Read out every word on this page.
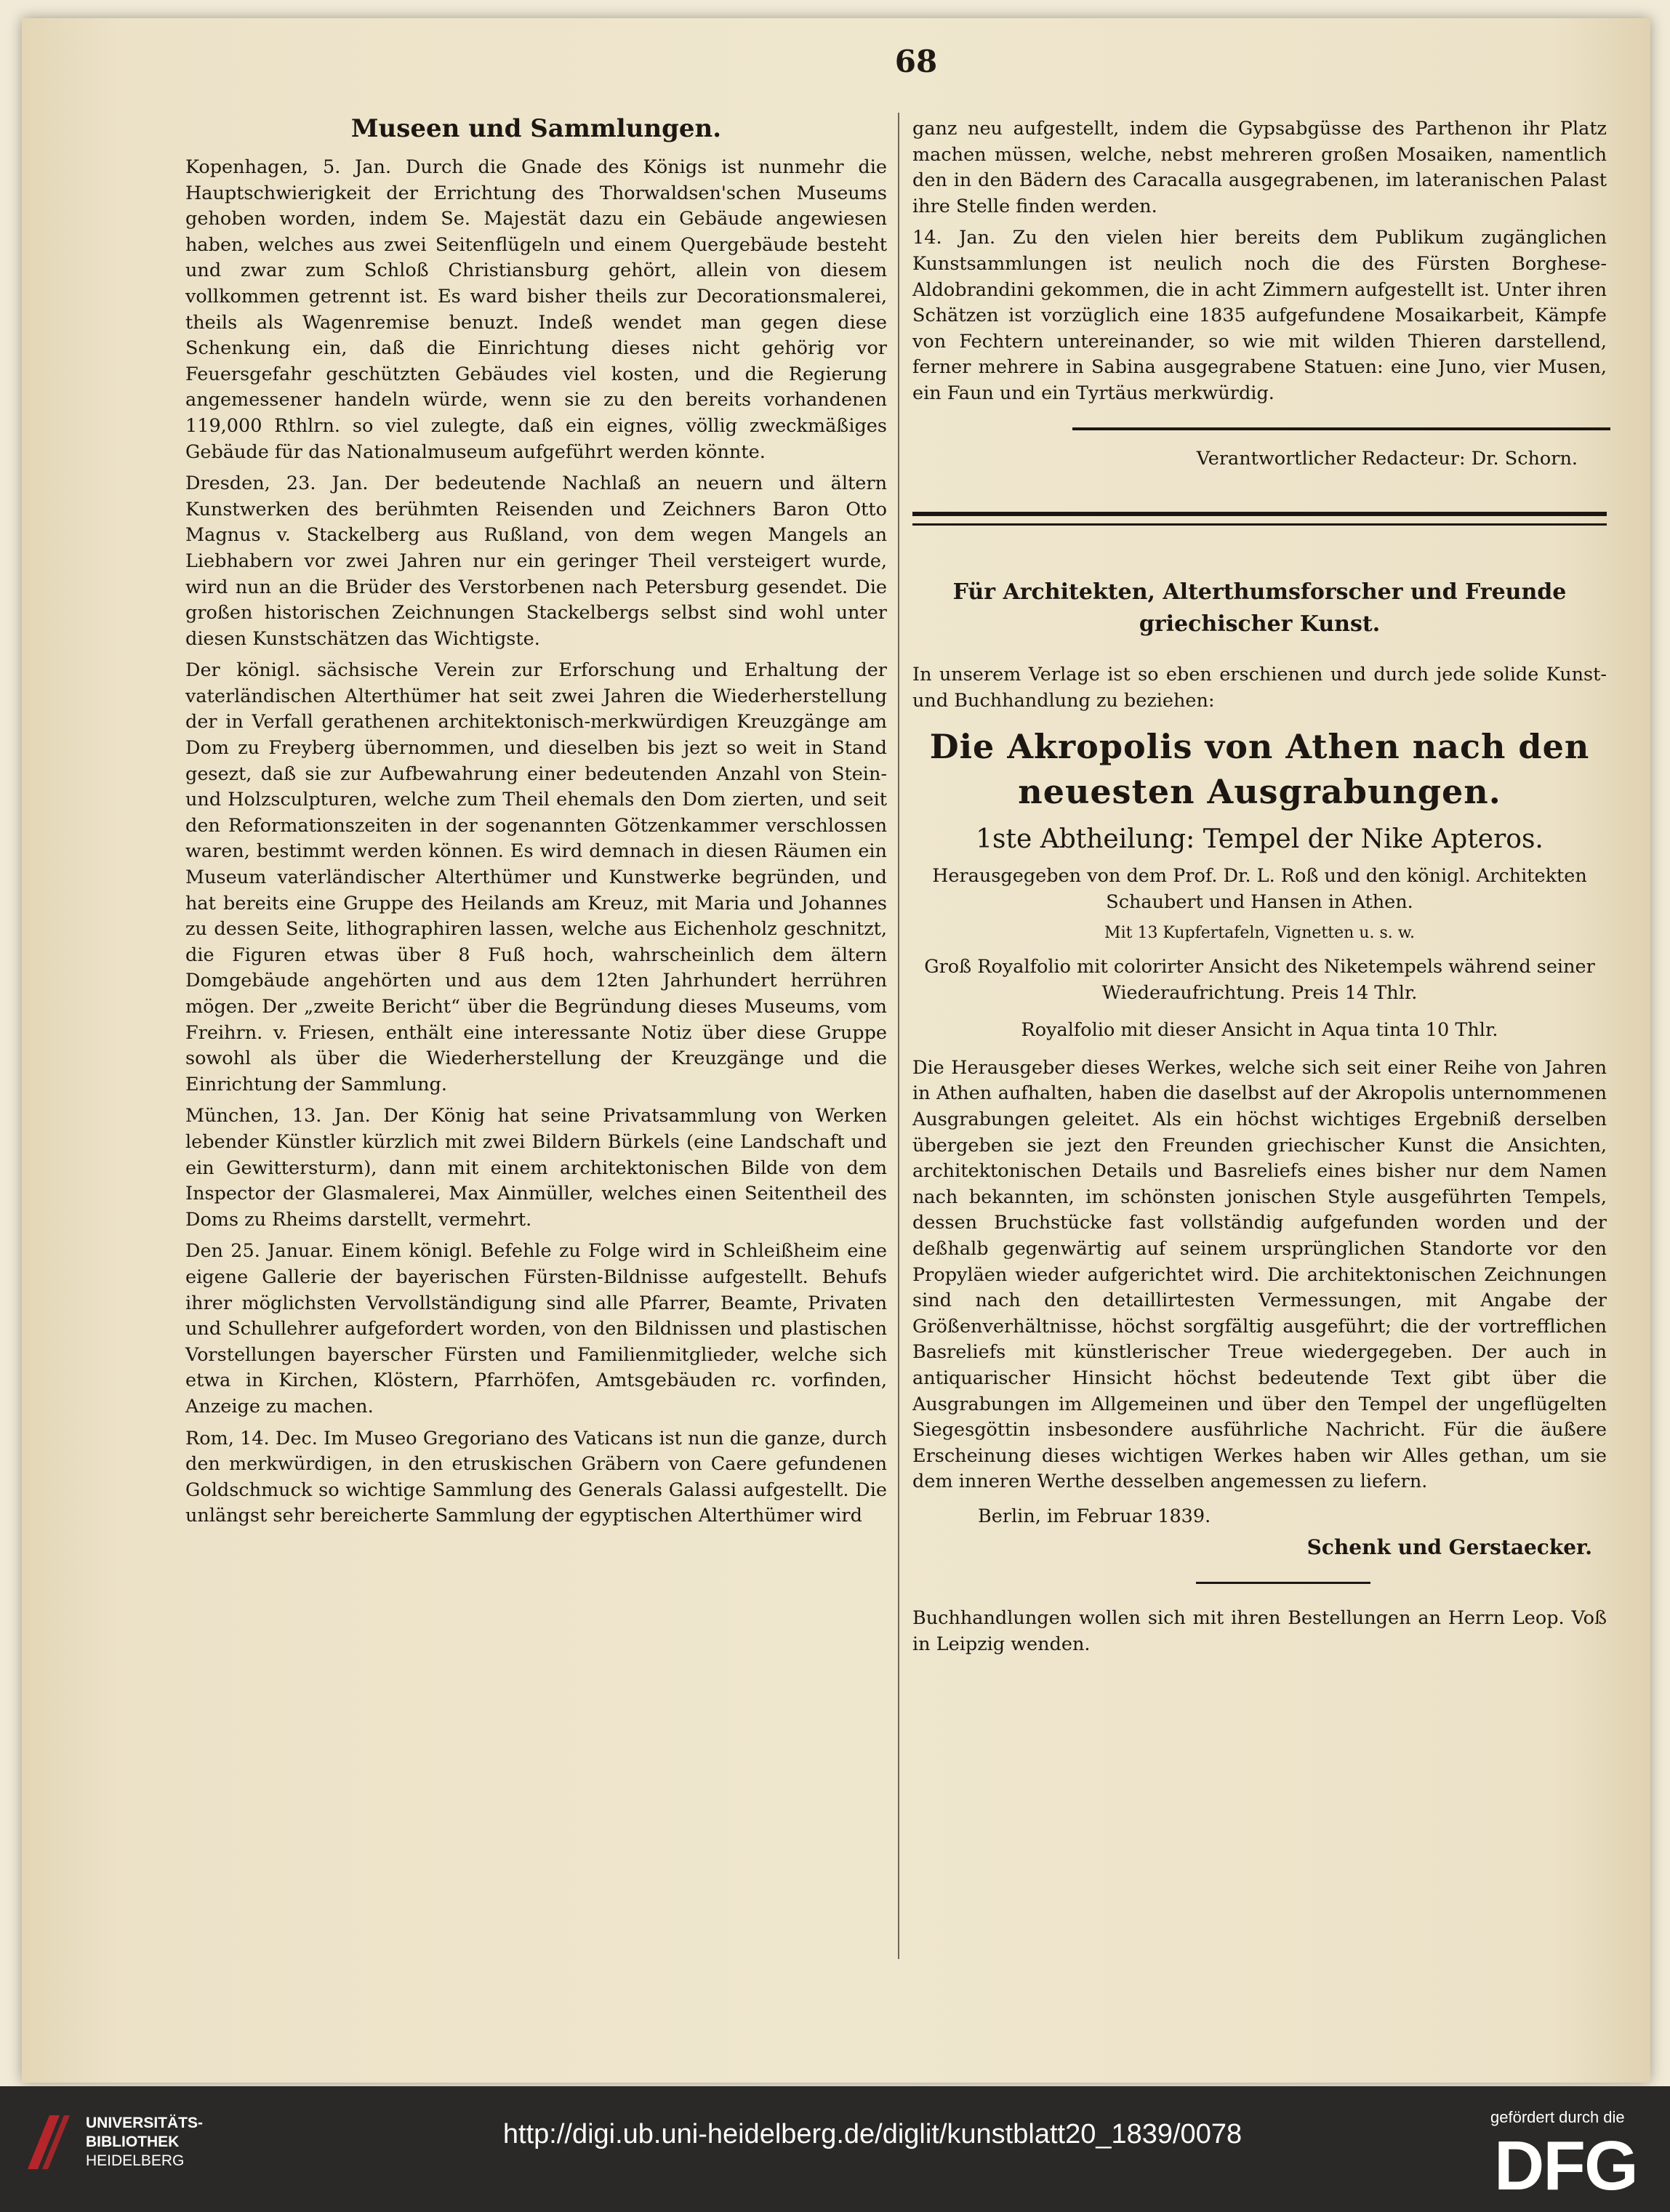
68
Museen und Sammlungen.

Kopenhagen, 5. Jan. Durch die Gnade des Königs ist nunmehr die Hauptschwierigkeit der Errichtung des Thorwaldsen'schen Museums gehoben worden, indem Se. Majestät dazu ein Gebäude angewiesen haben, welches aus zwei Seitenflügeln und einem Quergebäude besteht und zwar zum Schloß Christiansburg gehört, allein von diesem vollkommen getrennt ist. Es ward bisher theils zur Decorationsmalerei, theils als Wagenremise benuzt. Indeß wendet man gegen diese Schenkung ein, daß die Einrichtung dieses nicht gehörig vor Feuersgefahr geschützten Gebäudes viel kosten, und die Regierung angemessener handeln würde, wenn sie zu den bereits vorhandenen 119,000 Rthlrn. so viel zulegte, daß ein eignes, völlig zweckmäßiges Gebäude für das Nationalmuseum aufgeführt werden könnte.

Dresden, 23. Jan. Der bedeutende Nachlaß an neuern und ältern Kunstwerken des berühmten Reisenden und Zeichners Baron Otto Magnus v. Stackelberg aus Rußland, von dem wegen Mangels an Liebhabern vor zwei Jahren nur ein geringer Theil versteigert wurde, wird nun an die Brüder des Verstorbenen nach Petersburg gesendet. Die großen historischen Zeichnungen Stackelbergs selbst sind wohl unter diesen Kunstschätzen das Wichtigste.

Der königl. sächsische Verein zur Erforschung und Erhaltung der vaterländischen Alterthümer hat seit zwei Jahren die Wiederherstellung der in Verfall gerathenen architektonisch-merkwürdigen Kreuzgänge am Dom zu Freyberg übernommen, und dieselben bis jezt so weit in Stand gesezt, daß sie zur Aufbewahrung einer bedeutenden Anzahl von Stein- und Holzsculpturen, welche zum Theil ehemals den Dom zierten, und seit den Reformationszeiten in der sogenannten Götzenkammer verschlossen waren, bestimmt werden können. Es wird demnach in diesen Räumen ein Museum vaterländischer Alterthümer und Kunstwerke begründen, und hat bereits eine Gruppe des Heilands am Kreuz, mit Maria und Johannes zu dessen Seite, lithographiren lassen, welche aus Eichenholz geschnitzt, die Figuren etwas über 8 Fuß hoch, wahrscheinlich dem ältern Domgebäude angehörten und aus dem 12ten Jahrhundert herrühren mögen. Der „zweite Bericht“ über die Begründung dieses Museums, vom Freihrn. v. Friesen, enthält eine interessante Notiz über diese Gruppe sowohl als über die Wiederherstellung der Kreuzgänge und die Einrichtung der Sammlung.

München, 13. Jan. Der König hat seine Privatsammlung von Werken lebender Künstler kürzlich mit zwei Bildern Bürkels (eine Landschaft und ein Gewittersturm), dann mit einem architektonischen Bilde von dem Inspector der Glasmalerei, Max Ainmüller, welches einen Seitentheil des Doms zu Rheims darstellt, vermehrt.

Den 25. Januar. Einem königl. Befehle zu Folge wird in Schleißheim eine eigene Gallerie der bayerischen Fürsten-Bildnisse aufgestellt. Behufs ihrer möglichsten Vervollständigung sind alle Pfarrer, Beamte, Privaten und Schullehrer aufgefordert worden, von den Bildnissen und plastischen Vorstellungen bayerscher Fürsten und Familienmitglieder, welche sich etwa in Kirchen, Klöstern, Pfarrhöfen, Amtsgebäuden rc. vorfinden, Anzeige zu machen.

Rom, 14. Dec. Im Museo Gregoriano des Vaticans ist nun die ganze, durch den merkwürdigen, in den etruskischen Gräbern von Caere gefundenen Goldschmuck so wichtige Sammlung des Generals Galassi aufgestellt. Die unlängst sehr bereicherte Sammlung der egyptischen Alterthümer wird

ganz neu aufgestellt, indem die Gypsabgüsse des Parthenon ihr Platz machen müssen, welche, nebst mehreren großen Mosaiken, namentlich den in den Bädern des Caracalla ausgegrabenen, im lateranischen Palast ihre Stelle finden werden.

14. Jan. Zu den vielen hier bereits dem Publikum zugänglichen Kunstsammlungen ist neulich noch die des Fürsten Borghese-Aldobrandini gekommen, die in acht Zimmern aufgestellt ist. Unter ihren Schätzen ist vorzüglich eine 1835 aufgefundene Mosaikarbeit, Kämpfe von Fechtern untereinander, so wie mit wilden Thieren darstellend, ferner mehrere in Sabina ausgegrabene Statuen: eine Juno, vier Musen, ein Faun und ein Tyrtäus merkwürdig.

Verantwortlicher Redacteur: Dr. Schorn.
Für Architekten, Alterthumsforscher und Freunde griechischer Kunst.

In unserem Verlage ist so eben erschienen und durch jede solide Kunst- und Buchhandlung zu beziehen:

Die Akropolis von Athen nach den neuesten Ausgrabungen.
1ste Abtheilung: Tempel der Nike Apteros.
Herausgegeben von dem Prof. Dr. L. Roß und den königl. Architekten Schaubert und Hansen in Athen.
Mit 13 Kupfertafeln, Vignetten u. s. w.
Groß Royalfolio mit colorirter Ansicht des Niketempels während seiner Wiederaufrichtung. Preis 14 Thlr.
Royalfolio mit dieser Ansicht in Aqua tinta 10 Thlr.

Die Herausgeber dieses Werkes, welche sich seit einer Reihe von Jahren in Athen aufhalten, haben die daselbst auf der Akropolis unternommenen Ausgrabungen geleitet. Als ein höchst wichtiges Ergebniß derselben übergeben sie jezt den Freunden griechischer Kunst die Ansichten, architektonischen Details und Basreliefs eines bisher nur dem Namen nach bekannten, im schönsten jonischen Style ausgeführten Tempels, dessen Bruchstücke fast vollständig aufgefunden worden und der deßhalb gegenwärtig auf seinem ursprünglichen Standorte vor den Propyläen wieder aufgerichtet wird. Die architektonischen Zeichnungen sind nach den detaillirtesten Vermessungen, mit Angabe der Größenverhältnisse, höchst sorgfältig ausgeführt; die der vortrefflichen Basreliefs mit künstlerischer Treue wiedergegeben. Der auch in antiquarischer Hinsicht höchst bedeutende Text gibt über die Ausgrabungen im Allgemeinen und über den Tempel der ungeflügelten Siegesgöttin insbesondere ausführliche Nachricht. Für die äußere Erscheinung dieses wichtigen Werkes haben wir Alles gethan, um sie dem inneren Werthe desselben angemessen zu liefern.

Berlin, im Februar 1839.
Schenk und Gerstaecker.

Buchhandlungen wollen sich mit ihren Bestellungen an Herrn Leop. Voß in Leipzig wenden.

UNIVERSITÄTS-
BIBLIOTHEK
HEIDELBERG
http://digi.ub.uni-heidelberg.de/diglit/kunstblatt20_1839/0078
gefördert durch die
DFG
